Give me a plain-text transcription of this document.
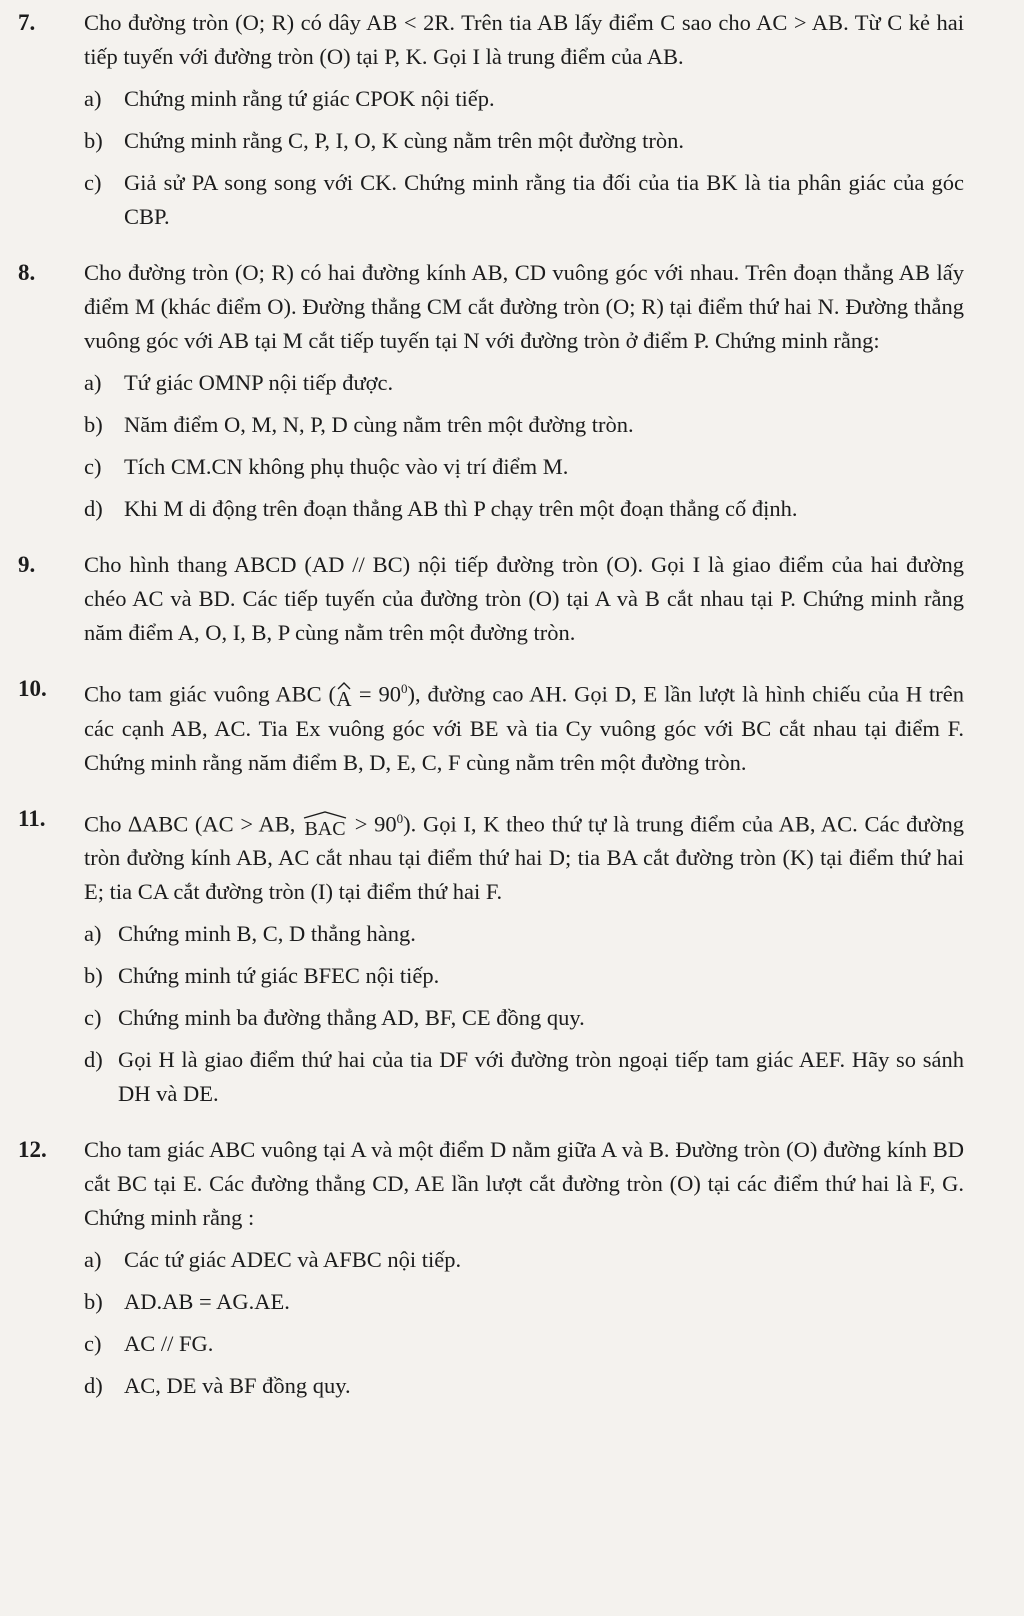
7.	Cho đường tròn (O; R) có dây AB < 2R. Trên tia AB lấy điểm C sao cho AC > AB. Từ C kẻ hai tiếp tuyến với đường tròn (O) tại P, K. Gọi I là trung điểm của AB.

a)	Chứng minh rằng tứ giác CPOK nội tiếp.
b) Chứng minh rằng C, P, I, O, K cùng nằm trên một đường tròn.
c)	Giả sử PA song song với CK. Chứng minh rằng tia đối của tia BK là tia phân giác của góc CBP.
8.	Cho đường tròn (O; R) có hai đường kính AB, CD vuông góc với nhau. Trên đoạn thẳng AB lấy điểm M (khác điểm O). Đường thẳng CM cắt đường tròn (O; R) tại điểm thứ hai N. Đường thẳng vuông góc với AB tại M cắt tiếp tuyến tại N với đường tròn ở điểm P. Chứng minh rằng:

a)	Tứ giác OMNP nội tiếp được.
b) Năm điểm O, M, N, P, D cùng nằm trên một đường tròn.
c)	Tích CM.CN không phụ thuộc vào vị trí điểm M.
d) Khi M di động trên đoạn thẳng AB thì P chạy trên một đoạn thẳng cố định.
9.	Cho hình thang ABCD (AD // BC) nội tiếp đường tròn (O). Gọi I là giao điểm của hai đường chéo AC và BD. Các tiếp tuyến của đường tròn (O) tại A và B cắt nhau tại P. Chứng minh rằng năm điểm A, O, I, B, P cùng nằm trên một đường tròn.

10.	Cho tam giác vuông ABC ( $A = 90^0$), đường cao AH. Gọi D, E lần lượt là hình chiếu của H trên các cạnh AB, AC. Tia Ex vuông góc với BE và tia Cy vuông góc với BC cắt nhau tại điểm F. Chứng minh rằng năm điểm B, D, E, C, F cùng nằm trên một đường tròn.

11.	Cho ∆ABC (AC > AB, BAC > $90^0$). Gọi I, K theo thứ tự là trung điểm của AB, AC. Các đường tròn đường kính AB, AC cắt nhau tại điểm thứ hai D; tia BA cắt đường tròn (K) tại điểm thứ hai E; tia CA cắt đường tròn (I) tại điểm thứ hai F.

a) Chứng minh B, C, D thẳng hàng.
b) Chứng minh tứ giác BFEC nội tiếp.
c) Chứng minh ba đường thẳng AD, BF, CE đồng quy.
d) Gọi H là giao điểm thứ hai của tia DF với đường tròn ngoại tiếp tam giác AEF. Hãy so sánh DH và DE.
12.	Cho tam giác ABC vuông tại A và một điểm D nằm giữa A và B. Đường tròn (O) đường kính BD cắt BC tại E. Các đường thẳng CD, AE lần lượt cắt đường tròn (O) tại các điểm thứ hai là F, G. Chứng minh rằng :

a)	Các tứ giác ADEC và AFBC nội tiếp.
b) AD.AB = AG.AE.
c)	AC // FG.
d) AC, DE và BF đồng quy.
